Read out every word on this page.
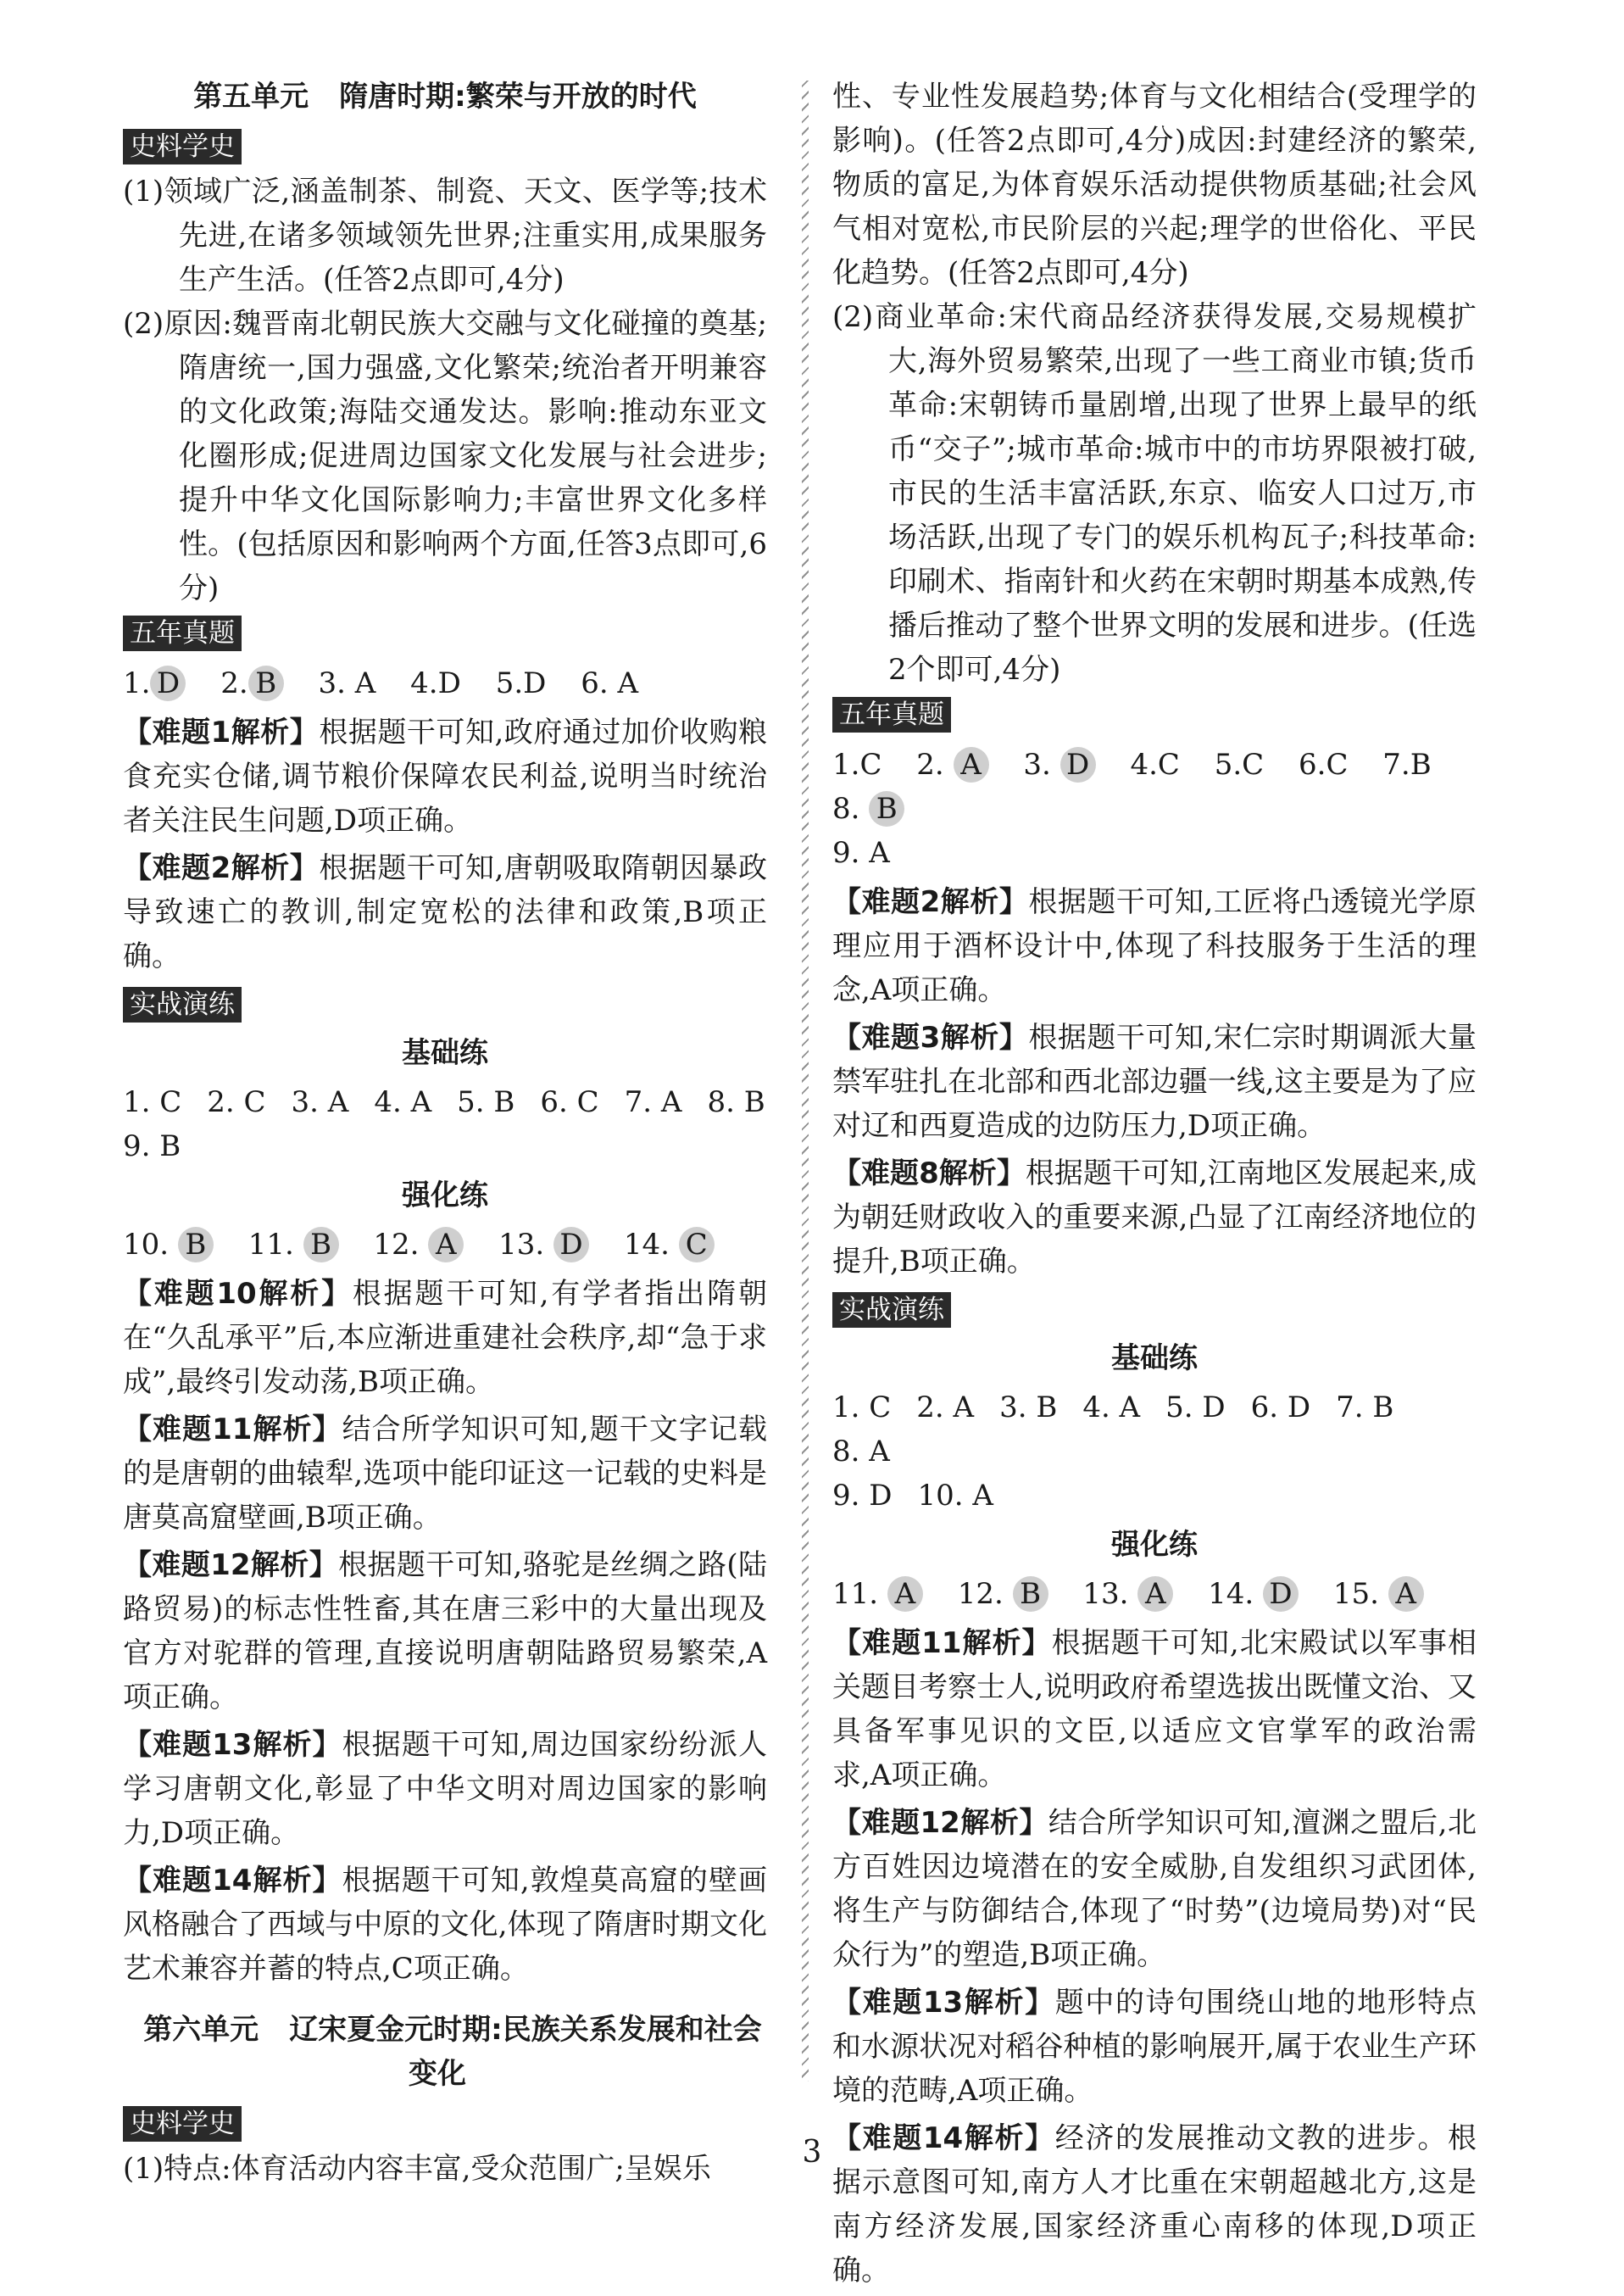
第五单元 隋唐时期:繁荣与开放的时代
史料学史

(1)领域广泛,涵盖制茶、制瓷、天文、医学等;技术先进,在诸多领域领先世界;注重实用,成果服务生产生活。(任答2点即可,4分)

(2)原因:魏晋南北朝民族大交融与文化碰撞的奠基;隋唐统一,国力强盛,文化繁荣;统治者开明兼容的文化政策;海陆交通发达。影响:推动东亚文化圈形成;促进周边国家文化发展与社会进步;提升中华文化国际影响力;丰富世界文化多样性。(包括原因和影响两个方面,任答3点即可,6分)

五年真题
1. D 2. B 3. A 4.D 5.D 6. A

【难题1解析】根据题干可知,政府通过加价收购粮食充实仓储,调节粮价保障农民利益,说明当时统治者关注民生问题,D项正确。

【难题2解析】根据题干可知,唐朝吸取隋朝因暴政导致速亡的教训,制定宽松的法律和政策,B项正确。

实战演练
基础练
1. C 2. C 3. A 4. A 5. B 6. C 7. A 8. B
9. B
强化练
10. B 11. B 12. A 13. D 14. C

【难题10解析】根据题干可知,有学者指出隋朝在“久乱承平”后,本应渐进重建社会秩序,却“急于求成”,最终引发动荡,B项正确。

【难题11解析】结合所学知识可知,题干文字记载的是唐朝的曲辕犁,选项中能印证这一记载的史料是唐莫高窟壁画,B项正确。

【难题12解析】根据题干可知,骆驼是丝绸之路(陆路贸易)的标志性牲畜,其在唐三彩中的大量出现及官方对驼群的管理,直接说明唐朝陆路贸易繁荣,A项正确。

【难题13解析】根据题干可知,周边国家纷纷派人学习唐朝文化,彰显了中华文明对周边国家的影响力,D项正确。

【难题14解析】根据题干可知,敦煌莫高窟的壁画风格融合了西域与中原的文化,体现了隋唐时期文化艺术兼容并蓄的特点,C项正确。

第六单元 辽宋夏金元时期:民族关系发展和社会变化
史料学史

(1)特点:体育活动内容丰富,受众范围广;呈娱乐

性、专业性发展趋势;体育与文化相结合(受理学的影响)。(任答2点即可,4分)成因:封建经济的繁荣,物质的富足,为体育娱乐活动提供物质基础;社会风气相对宽松,市民阶层的兴起;理学的世俗化、平民化趋势。(任答2点即可,4分)

(2)商业革命:宋代商品经济获得发展,交易规模扩大,海外贸易繁荣,出现了一些工商业市镇;货币革命:宋朝铸币量剧增,出现了世界上最早的纸币“交子”;城市革命:城市中的市坊界限被打破,市民的生活丰富活跃,东京、临安人口过万,市场活跃,出现了专门的娱乐机构瓦子;科技革命:印刷术、指南针和火药在宋朝时期基本成熟,传播后推动了整个世界文明的发展和进步。(任选2个即可,4分)

五年真题
1.C 2. A 3. D 4.C 5.C 6.C 7.B 8. B
9. A

【难题2解析】根据题干可知,工匠将凸透镜光学原理应用于酒杯设计中,体现了科技服务于生活的理念,A项正确。

【难题3解析】根据题干可知,宋仁宗时期调派大量禁军驻扎在北部和西北部边疆一线,这主要是为了应对辽和西夏造成的边防压力,D项正确。

【难题8解析】根据题干可知,江南地区发展起来,成为朝廷财政收入的重要来源,凸显了江南经济地位的提升,B项正确。

实战演练
基础练
1. C 2. A 3. B 4. A 5. D 6. D 7. B8. A
9. D 10. A
强化练
11. A 12. B 13. A 14. D 15. A

【难题11解析】根据题干可知,北宋殿试以军事相关题目考察士人,说明政府希望选拔出既懂文治、又具备军事见识的文臣,以适应文官掌军的政治需求,A项正确。

【难题12解析】结合所学知识可知,澶渊之盟后,北方百姓因边境潜在的安全威胁,自发组织习武团体,将生产与防御结合,体现了“时势”(边境局势)对“民众行为”的塑造,B项正确。

【难题13解析】题中的诗句围绕山地的地形特点和水源状况对稻谷种植的影响展开,属于农业生产环境的范畴,A项正确。

【难题14解析】经济的发展推动文教的进步。根据示意图可知,南方人才比重在宋朝超越北方,这是南方经济发展,国家经济重心南移的体现,D项正确。

3
